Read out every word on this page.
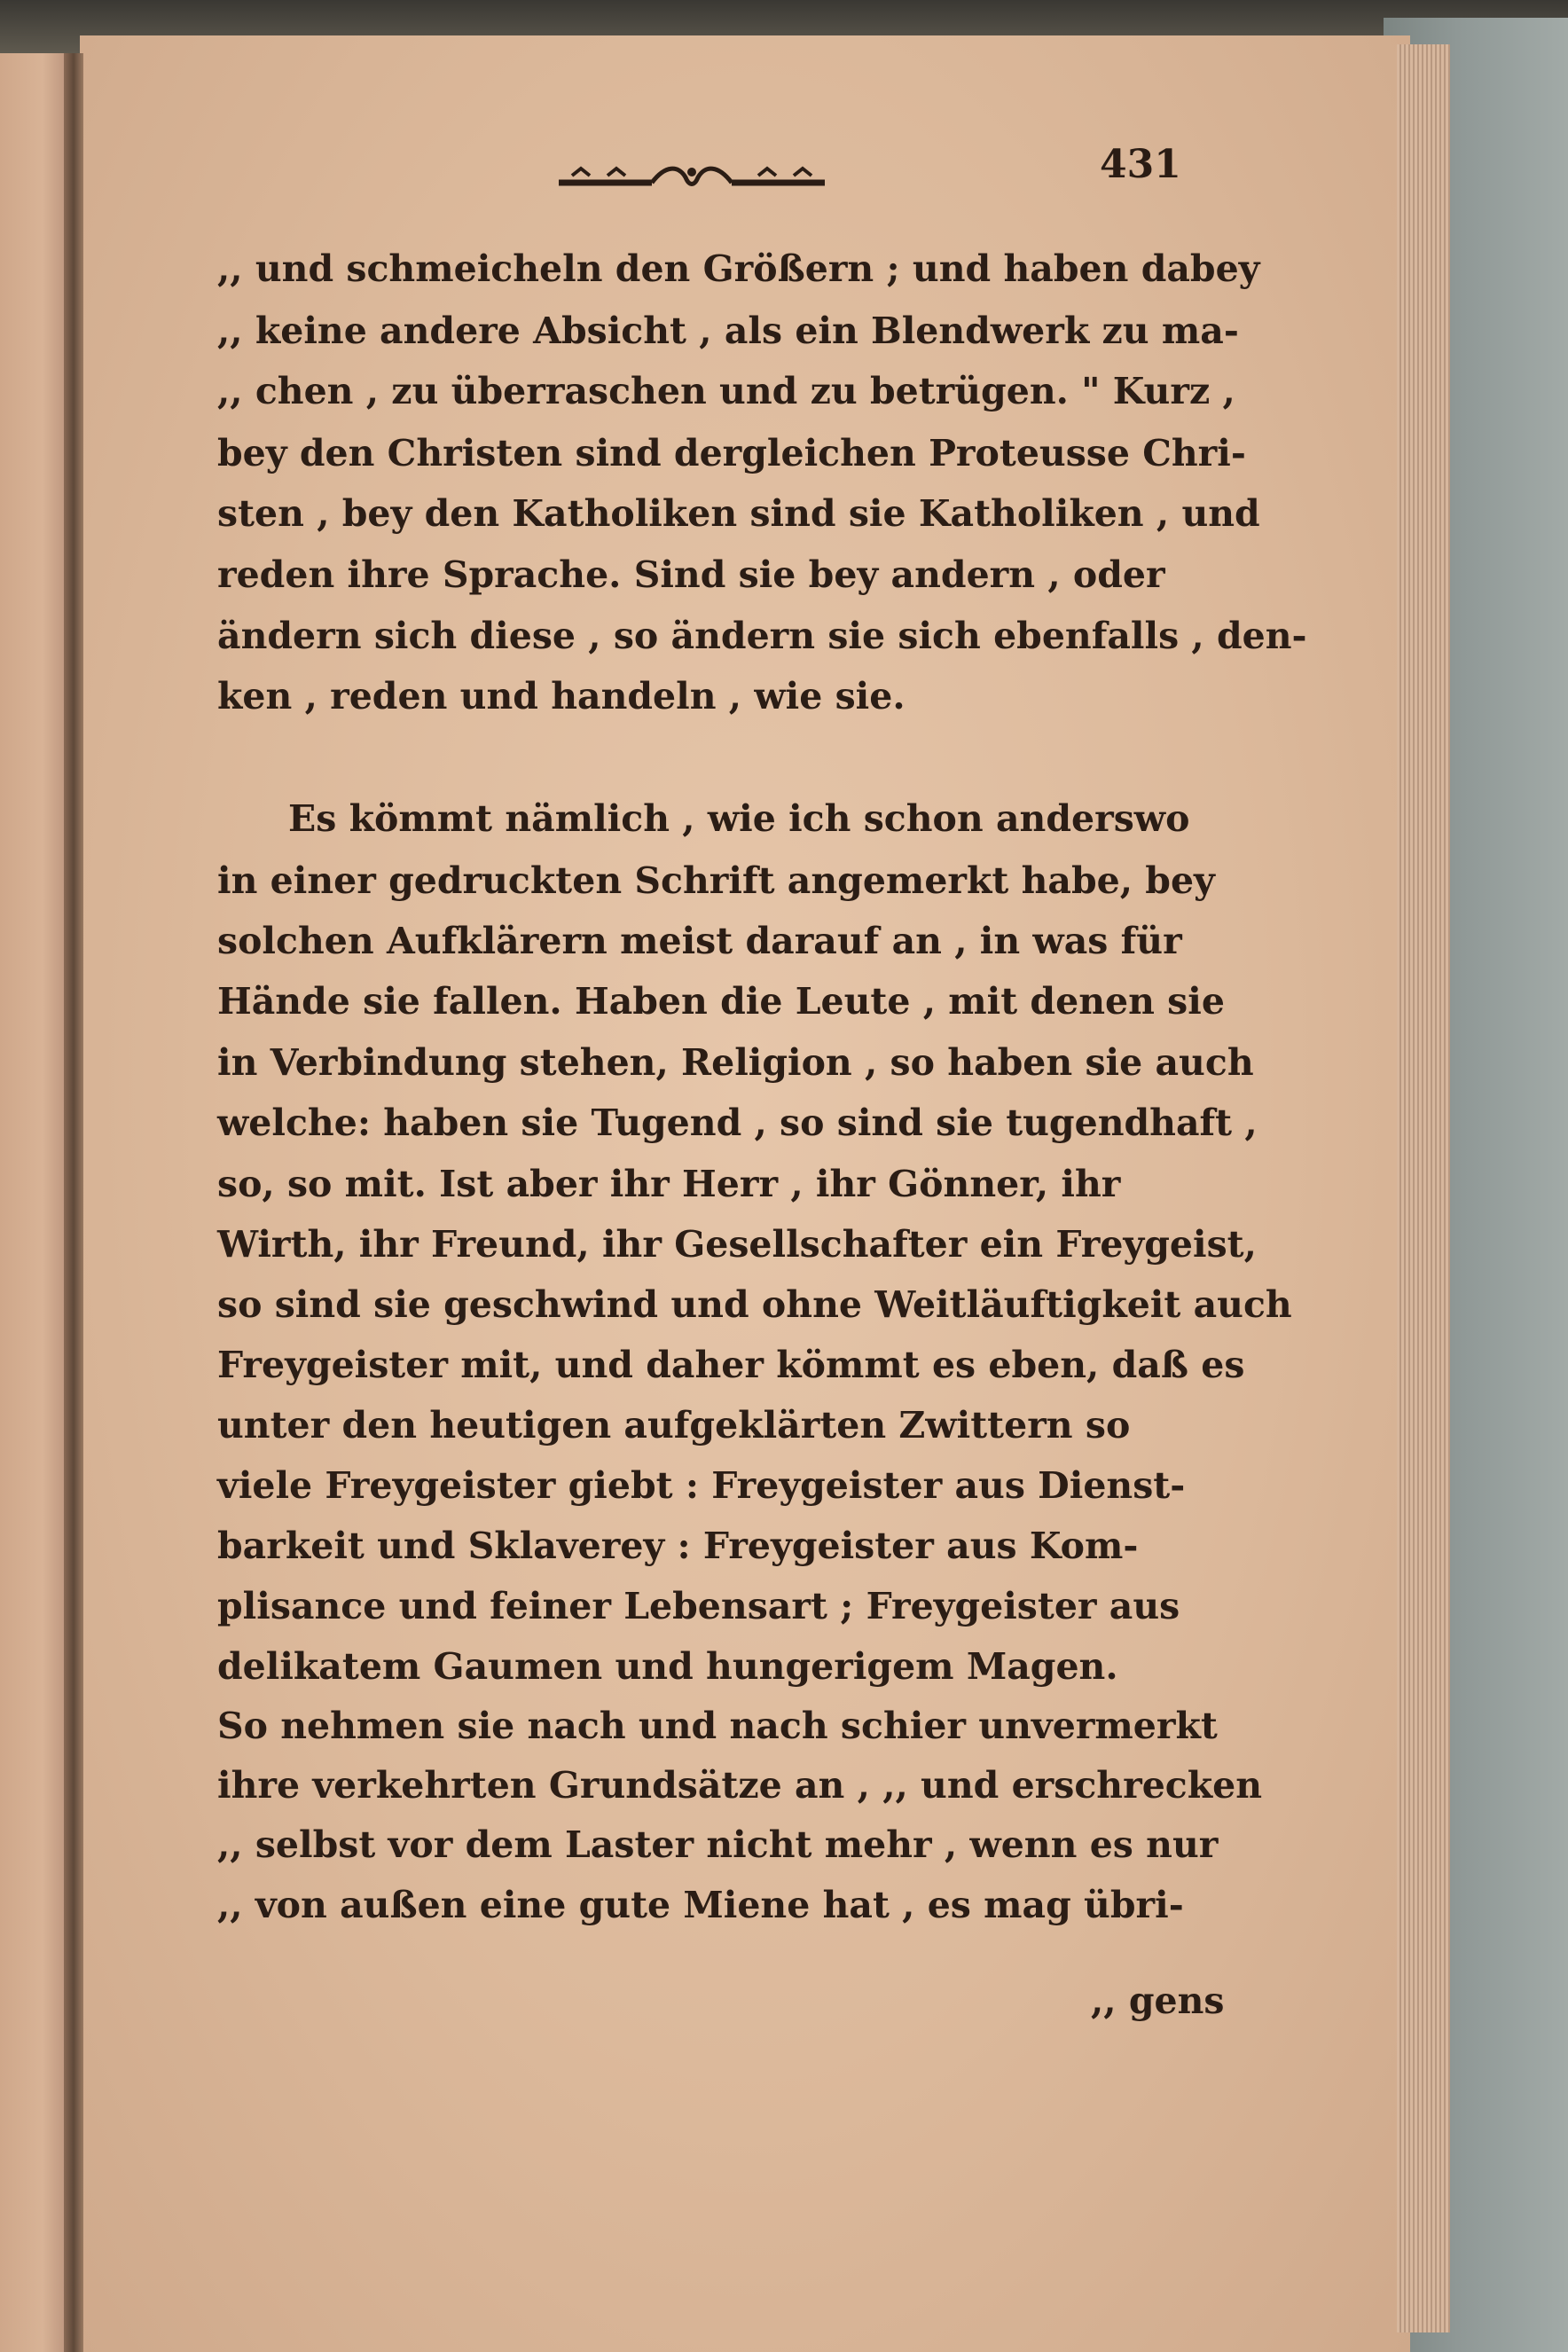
431
,, und schmeicheln den Größern ; und haben dabey
,, keine andere Absicht , als ein Blendwerk zu ma-
,, chen , zu überraschen und zu betrügen. " Kurz ,
bey den Christen sind dergleichen Proteusse Chri-
sten , bey den Katholiken sind sie Katholiken , und
reden ihre Sprache. Sind sie bey andern , oder
ändern sich diese , so ändern sie sich ebenfalls , den-
ken , reden und handeln , wie sie.
Es kömmt nämlich , wie ich schon anderswo
in einer gedruckten Schrift angemerkt habe, bey
solchen Aufklärern meist darauf an , in was für
Hände sie fallen. Haben die Leute , mit denen sie
in Verbindung stehen, Religion , so haben sie auch
welche: haben sie Tugend , so sind sie tugendhaft ,
so, so mit. Ist aber ihr Herr , ihr Gönner, ihr
Wirth, ihr Freund, ihr Gesellschafter ein Freygeist,
so sind sie geschwind und ohne Weitläuftigkeit auch
Freygeister mit, und daher kömmt es eben, daß es
unter den heutigen aufgeklärten Zwittern so
viele Freygeister giebt : Freygeister aus Dienst-
barkeit und Sklaverey : Freygeister aus Kom-
plisance und feiner Lebensart ; Freygeister aus
delikatem Gaumen und hungerigem Magen.
So nehmen sie nach und nach schier unvermerkt
ihre verkehrten Grundsätze an , ,, und erschrecken
,, selbst vor dem Laster nicht mehr , wenn es nur
,, von außen eine gute Miene hat , es mag übri-
,, gens
